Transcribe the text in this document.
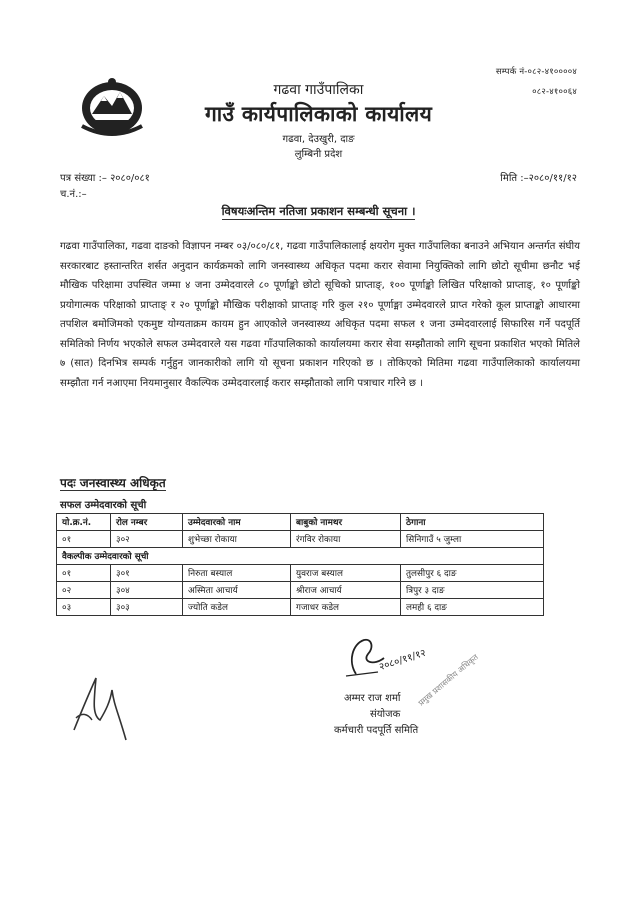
सम्पर्क नं-०८२-४१००००४
०८२-४१००६४
गढवा गाउँपालिका
गाउँ कार्यपालिकाको कार्यालय
गढवा, देउखुरी, दाङ
लुम्बिनी प्रदेश
पत्र संख्या :– २०८०/०८१
च.नं.:–
मिति :–२०८०/११/१२
विषयःअन्तिम नतिजा प्रकाशन सम्बन्धी सूचना ।
गढवा गाउँपालिका, गढवा दाङको विज्ञापन नम्बर ०३/०८०/८१, गढवा गाउँपालिकालाई क्षयरोग मुक्त गाउँपालिका बनाउने अभियान अन्तर्गत संघीय सरकारबाट हस्तान्तरित शर्सत अनुदान कार्यक्रमको लागि जनस्वास्थ्य अधिकृत पदमा करार सेवामा नियुक्तिको लागि छोटो सूचीमा छनौट भई मौखिक परिक्षामा उपस्थित जम्मा ४ जना उम्मेदवारले ८० पूर्णाङ्को छोटो सूचिको प्राप्ताङ्, १०० पूर्णाङ्को लिखित परिक्षाको प्राप्ताङ्, १० पूर्णाङ्को प्रयोगात्मक परिक्षाको प्राप्ताङ् र २० पूर्णाङ्को मौखिक परीक्षाको प्राप्ताङ् गरि कुल २१० पूर्णाङ्मा उम्मेदवारले प्राप्त गरेको कूल प्राप्ताङ्को आधारमा तपशिल बमोजिमको एकमुष्ट योग्यताक्रम कायम हुन आएकोले जनस्वास्थ्य अधिकृत पदमा सफल १ जना उम्मेदवारलाई सिफारिस गर्ने पदपूर्ति समितिको निर्णय भएकोले सफल उम्मेदवारले यस गढवा गाँउपालिकाको कार्यालयमा करार सेवा सम्झौताको लागि सूचना प्रकाशित भएको मितिले ७ (सात) दिनभित्र सम्पर्क गर्नुहुन जानकारीको लागि यो सूचना प्रकाशन गरिएको छ । तोकिएको मितिमा गढवा गाउँपालिकाको कार्यालयमा सम्झौता गर्न नआएमा नियमानुसार वैकल्पिक उम्मेदवारलाई करार सम्झौताको लागि पत्राचार गरिने छ ।
पदः जनस्वास्थ्य अधिकृत
सफल उम्मेदवारको सूची
यो.क्र.नं.	रोल नम्बर	उम्मेदवारको नाम	बाबुको नामथर	ठेगाना
०१	३०२	शुभेच्छा रोकाया	रंगविर रोकाया	सिनिगाउँ ५ जुम्ला
वैकल्पीक उम्मेदवारको सूची				
०१	३०१	निरुता बस्याल	युवराज बस्याल	तुलसीपुर ६ दाङ
०२	३०४	अस्मिता आचार्य	श्रीराज आचार्य	त्रिपुर ३ दाङ
०३	३०३	ज्योति कडेल	गजाधर कडेल	लमही ६ दाङ
२०८०/११/१२
अम्मर राज शर्मा
संयोजक
कर्मचारी पदपूर्ति समिति
प्रमुख प्रशासकीय अधिकृत
